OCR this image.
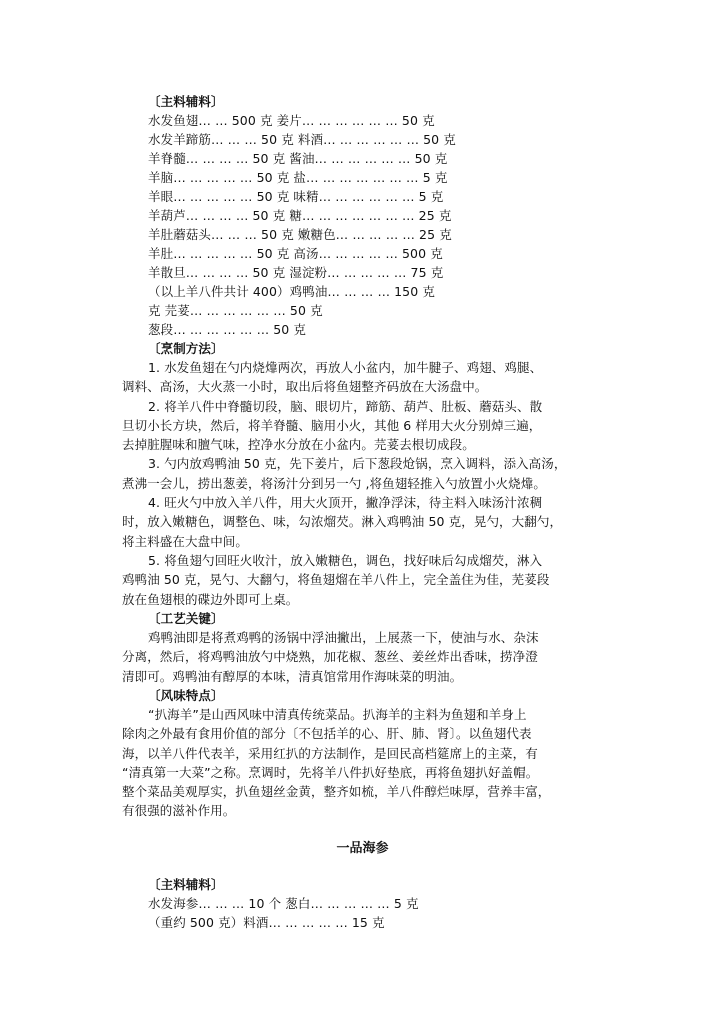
〔主料辅料〕
水发鱼翅… … 500 克 姜片… … … … … … 50 克
水发羊蹄筋… … … 50 克 料酒… … … … … … 50 克
羊脊髓… … … … 50 克 酱油… … … … … … 50 克
羊脑… … … … … 50 克 盐… … … … … … … 5 克
羊眼… … … … … 50 克 味精… … … … … … 5 克
羊葫芦… … … … 50 克 糖… … … … … … … 25 克
羊肚蘑菇头… … … 50 克 嫩糖色… … … … … 25 克
羊肚… … … … … 50 克 高汤… … … … … 500 克
羊散旦… … … … 50 克 湿淀粉… … … … … 75 克
（以上羊八件共计 400）鸡鸭油… … … … 150 克
克 芫荽… … … … … … 50 克
葱段… … … … … … 50 克
〔烹制方法〕
1. 水发鱼翅在勺内烧㸆两次，再放人小盆内，加牛腱子、鸡翅、鸡腿、
调料、高汤，大火蒸一小时，取出后将鱼翅整齐码放在大汤盘中。
2. 将羊八件中脊髓切段，脑、眼切片，蹄筋、葫芦、肚板、蘑菇头、散
旦切小长方块，然后，将羊脊髓、脑用小火，其他 6 样用大火分别焯三遍，
去掉脏腥味和膻气味，控净水分放在小盆内。芫荽去根切成段。
3. 勺内放鸡鸭油 50 克，先下姜片，后下葱段炝锅，烹入调料，添入高汤，
煮沸一会儿，捞出葱姜，将汤汁分到另一勺 ,将鱼翅轻推入勺放置小火烧㸆。
4. 旺火勺中放入羊八件，用大火顶开，撇净浮沫，待主料入味汤汁浓稠
时，放入嫩糖色，调整色、味，勾浓熘芡。淋入鸡鸭油 50 克，晃勺，大翻勺，
将主料盛在大盘中间。
5. 将鱼翅勺回旺火收汁，放入嫩糖色，调色，找好味后勾成熘芡，淋入
鸡鸭油 50 克，晃勺、大翻勺，将鱼翅熘在羊八件上，完全盖住为佳，芜荽段
放在鱼翅根的碟边外即可上桌。
〔工艺关键〕
鸡鸭油即是将煮鸡鸭的汤锅中浮油撇出，上展蒸一下，使油与水、杂沫
分离，然后，将鸡鸭油放勺中烧熟，加花椒、葱丝、姜丝炸出香味，捞净澄
清即可。鸡鸭油有醇厚的本味，清真馆常用作海味菜的明油。
〔风味特点〕
“扒海羊”是山西风味中清真传统菜品。扒海羊的主料为鱼翅和羊身上
除肉之外最有食用价值的部分〔不包括羊的心、肝、肺、肾〕。以鱼翅代表
海，以羊八件代表羊，采用红扒的方法制作，是回民高档筵席上的主菜，有
“清真第一大菜”之称。烹调时，先将羊八件扒好垫底，再将鱼翅扒好盖帽。
整个菜品美观厚实，扒鱼翅丝金黄，整齐如梳，羊八件醇烂味厚，营养丰富，
有很强的滋补作用。
一品海参
〔主料辅料〕
水发海参… … … 10 个 葱白… … … … … 5 克
（重约 500 克）料酒… … … … … 15 克
